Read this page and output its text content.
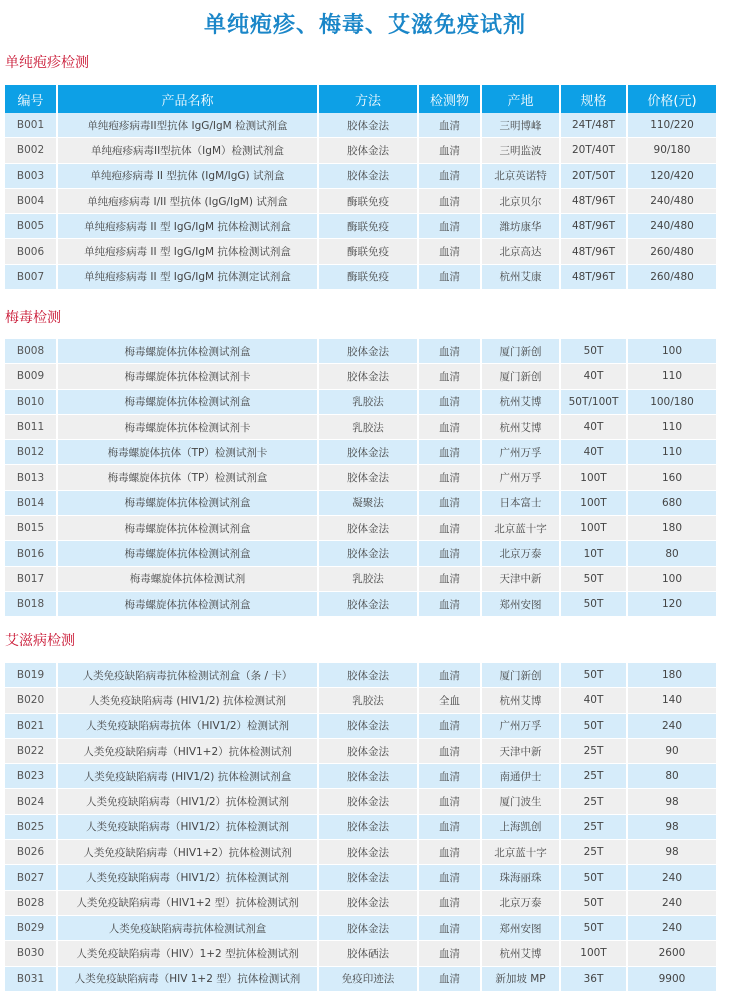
单纯疱疹、梅毒、艾滋免疫试剂
单纯疱疹检测
编号	产品名称	方法	检测物	产地	规格	价格(元)
B001	单纯疱疹病毒II型抗体 IgG/IgM 检测试剂盒	胶体金法	血清	三明博峰	24T/48T	110/220
B002	单纯疱疹病毒II型抗体（IgM）检测试剂盒	胶体金法	血清	三明监波	20T/40T	90/180
B003	单纯疱疹病毒 II 型抗体 (IgM/IgG) 试剂盒	胶体金法	血清	北京英诺特	20T/50T	120/420
B004	单纯疱疹病毒 I/II 型抗体 (IgG/IgM) 试剂盒	酶联免疫	血清	北京贝尔	48T/96T	240/480
B005	单纯疱疹病毒 II 型 IgG/IgM 抗体检测试剂盒	酶联免疫	血清	潍坊康华	48T/96T	240/480
B006	单纯疱疹病毒 II 型 IgG/IgM 抗体检测试剂盒	酶联免疫	血清	北京高达	48T/96T	260/480
B007	单纯疱疹病毒 II 型 IgG/IgM 抗体测定试剂盒	酶联免疫	血清	杭州艾康	48T/96T	260/480
梅毒检测
B008	梅毒螺旋体抗体检测试剂盒	胶体金法	血清	厦门新创	50T	100
B009	梅毒螺旋体抗体检测试剂卡	胶体金法	血清	厦门新创	40T	110
B010	梅毒螺旋体抗体检测试剂盒	乳胶法	血清	杭州艾博	50T/100T	100/180
B011	梅毒螺旋体抗体检测试剂卡	乳胶法	血清	杭州艾博	40T	110
B012	梅毒螺旋体抗体（TP）检测试剂卡	胶体金法	血清	广州万孚	40T	110
B013	梅毒螺旋体抗体（TP）检测试剂盒	胶体金法	血清	广州万孚	100T	160
B014	梅毒螺旋体抗体检测试剂盒	凝聚法	血清	日本富士	100T	680
B015	梅毒螺旋体抗体检测试剂盒	胶体金法	血清	北京蓝十字	100T	180
B016	梅毒螺旋体抗体检测试剂盒	胶体金法	血清	北京万泰	10T	80
B017	梅毒螺旋体抗体检测试剂	乳胶法	血清	天津中新	50T	100
B018	梅毒螺旋体抗体检测试剂盒	胶体金法	血清	郑州安图	50T	120
艾滋病检测
B019	人类免疫缺陷病毒抗体检测试剂盒（条 / 卡）	胶体金法	血清	厦门新创	50T	180
B020	人类免疫缺陷病毒 (HIV1/2) 抗体检测试剂	乳胶法	全血	杭州艾博	40T	140
B021	人类免疫缺陷病毒抗体（HIV1/2）检测试剂	胶体金法	血清	广州万孚	50T	240
B022	人类免疫缺陷病毒（HIV1+2）抗体检测试剂	胶体金法	血清	天津中新	25T	90
B023	人类免疫缺陷病毒 (HIV1/2) 抗体检测试剂盒	胶体金法	血清	南通伊士	25T	80
B024	人类免疫缺陷病毒（HIV1/2）抗体检测试剂	胶体金法	血清	厦门波生	25T	98
B025	人类免疫缺陷病毒（HIV1/2）抗体检测试剂	胶体金法	血清	上海凯创	25T	98
B026	人类免疫缺陷病毒（HIV1+2）抗体检测试剂	胶体金法	血清	北京蓝十字	25T	98
B027	人类免疫缺陷病毒（HIV1/2）抗体检测试剂	胶体金法	血清	珠海丽珠	50T	240
B028	人类免疫缺陷病毒（HIV1+2 型）抗体检测试剂	胶体金法	血清	北京万泰	50T	240
B029	人类免疫缺陷病毒抗体检测试剂盒	胶体金法	血清	郑州安图	50T	240
B030	人类免疫缺陷病毒（HIV）1+2 型抗体检测试剂	胶体硒法	血清	杭州艾博	100T	2600
B031	人类免疫缺陷病毒（HIV 1+2 型）抗体检测试剂	免疫印迹法	血清	新加坡 MP	36T	9900
